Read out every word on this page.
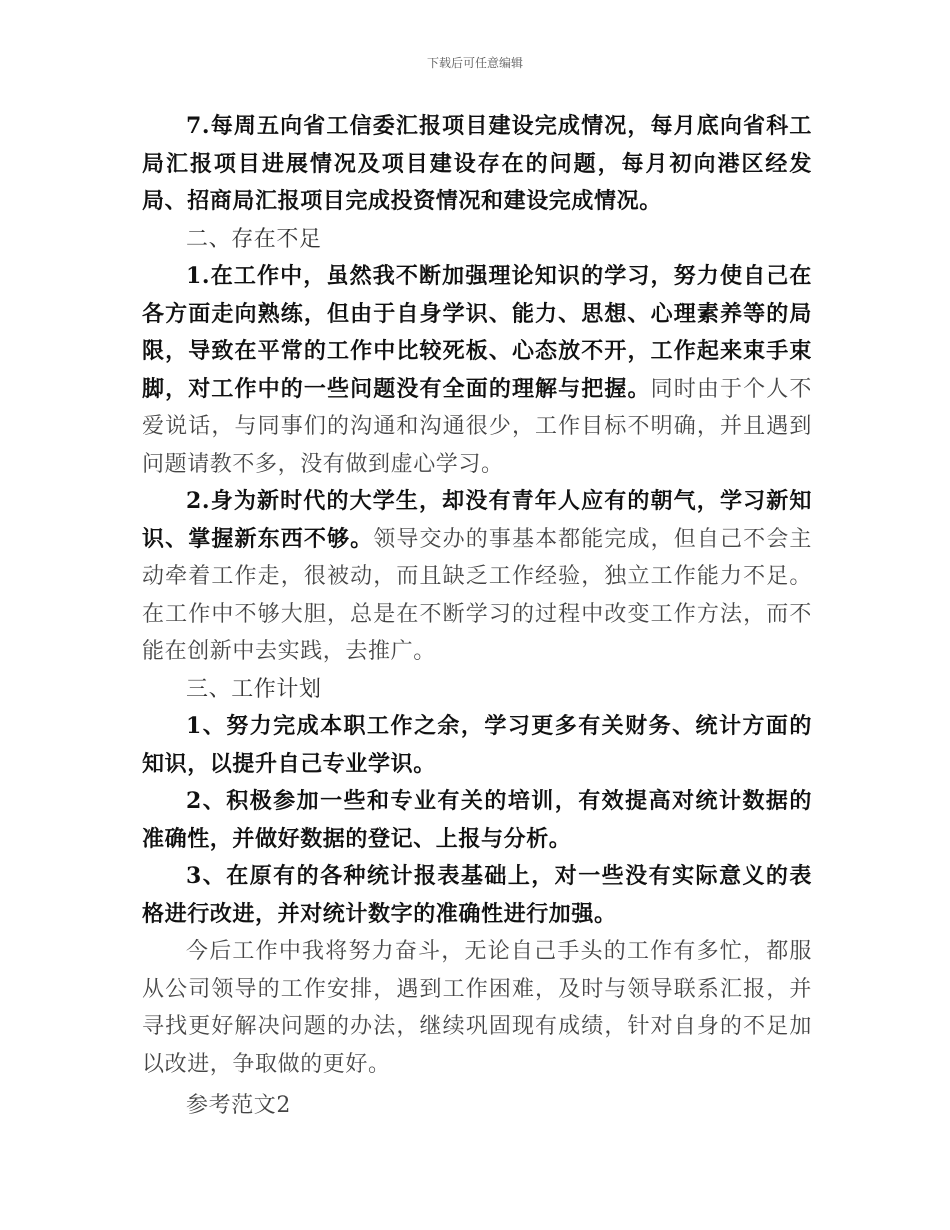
下载后可任意编辑

7.每周五向省工信委汇报项目建设完成情况，每月底向省科工局汇报项目进展情况及项目建设存在的问题，每月初向港区经发局、招商局汇报项目完成投资情况和建设完成情况。

二、存在不足

1.在工作中，虽然我不断加强理论知识的学习，努力使自己在各方面走向熟练，但由于自身学识、能力、思想、心理素养等的局限，导致在平常的工作中比较死板、心态放不开，工作起来束手束脚，对工作中的一些问题没有全面的理解与把握。同时由于个人不爱说话，与同事们的沟通和沟通很少，工作目标不明确，并且遇到问题请教不多，没有做到虚心学习。

2.身为新时代的大学生，却没有青年人应有的朝气，学习新知识、掌握新东西不够。领导交办的事基本都能完成，但自己不会主动牵着工作走，很被动，而且缺乏工作经验，独立工作能力不足。在工作中不够大胆，总是在不断学习的过程中改变工作方法，而不能在创新中去实践，去推广。

三、工作计划

1、努力完成本职工作之余，学习更多有关财务、统计方面的知识，以提升自己专业学识。

2、积极参加一些和专业有关的培训，有效提高对统计数据的准确性，并做好数据的登记、上报与分析。

3、在原有的各种统计报表基础上，对一些没有实际意义的表格进行改进，并对统计数字的准确性进行加强。

今后工作中我将努力奋斗，无论自己手头的工作有多忙，都服从公司领导的工作安排，遇到工作困难，及时与领导联系汇报，并寻找更好解决问题的办法，继续巩固现有成绩，针对自身的不足加以改进，争取做的更好。

参考范文2
